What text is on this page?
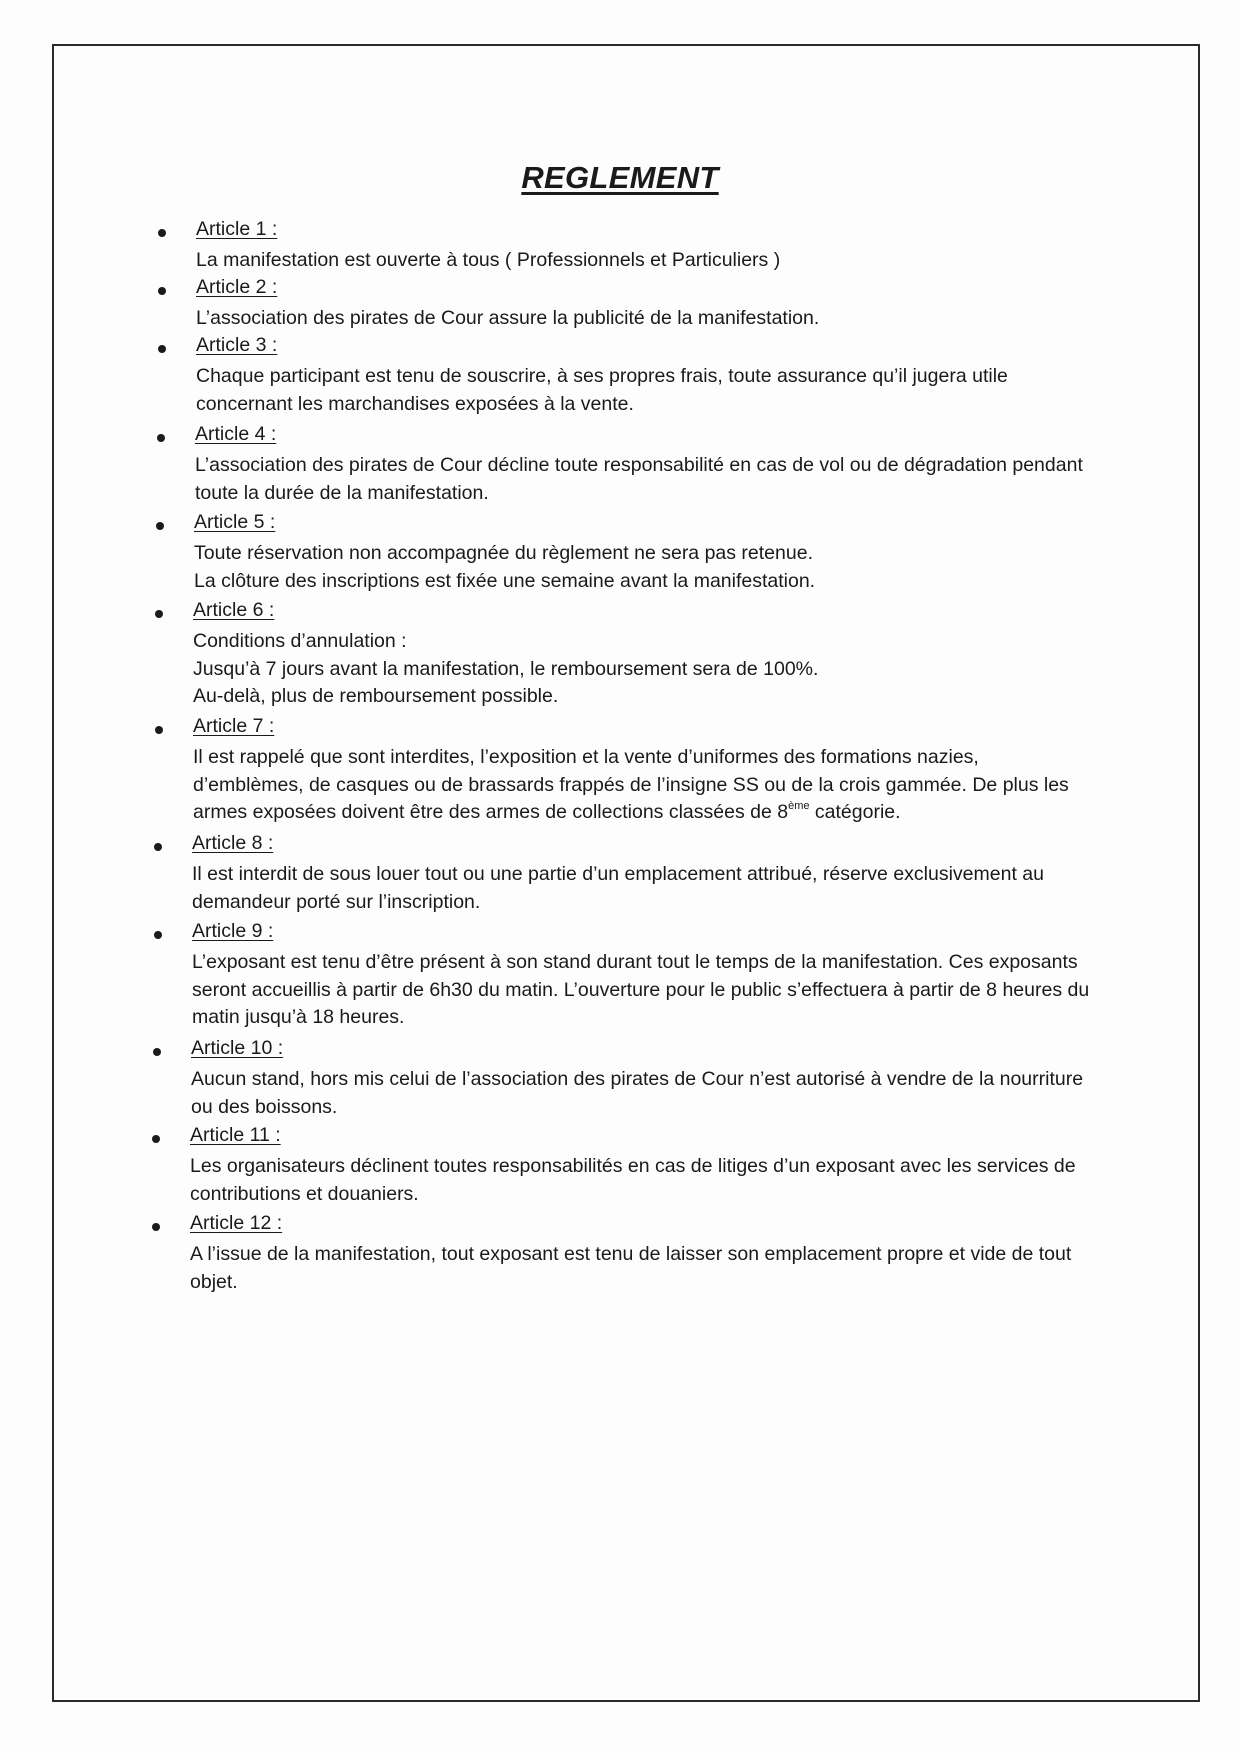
REGLEMENT
Article 1 :
La manifestation est ouverte à tous ( Professionnels et Particuliers )
Article 2 :
L’association des pirates de Cour assure la publicité de la manifestation.
Article 3 :
Chaque participant est tenu de souscrire, à ses propres frais, toute assurance qu’il jugera utile
concernant les marchandises exposées à la vente.
Article 4 :
L’association des pirates de Cour décline toute responsabilité en cas de vol ou de dégradation pendant
toute la durée de la manifestation.
Article 5 :
Toute réservation non accompagnée du règlement ne sera pas retenue.
La clôture des inscriptions est fixée une semaine avant la manifestation.
Article 6 :
Conditions d’annulation :
Jusqu’à 7 jours avant la manifestation, le remboursement sera de 100%.
Au-delà, plus de remboursement possible.
Article 7 :
Il est rappelé que sont interdites, l’exposition et la vente d’uniformes des formations nazies,
d’emblèmes, de casques ou de brassards frappés de l’insigne SS ou de la crois gammée. De plus les
armes exposées doivent être des armes de collections classées de 8ème catégorie.
Article 8 :
Il est interdit de sous louer tout ou une partie d’un emplacement attribué, réserve exclusivement au
demandeur porté sur l’inscription.
Article 9 :
L’exposant est tenu d’être présent à son stand durant tout le temps de la manifestation. Ces exposants
seront accueillis à partir de 6h30 du matin. L’ouverture pour le public s’effectuera à partir de 8 heures du
matin jusqu’à 18 heures.
Article 10 :
Aucun stand, hors mis celui de l’association des pirates de Cour n’est autorisé à vendre de la nourriture
ou des boissons.
Article 11 :
Les organisateurs déclinent toutes responsabilités en cas de litiges d’un exposant avec les services de
contributions et douaniers.
Article 12 :
A l’issue de la manifestation, tout exposant est tenu de laisser son emplacement propre et vide de tout
objet.
